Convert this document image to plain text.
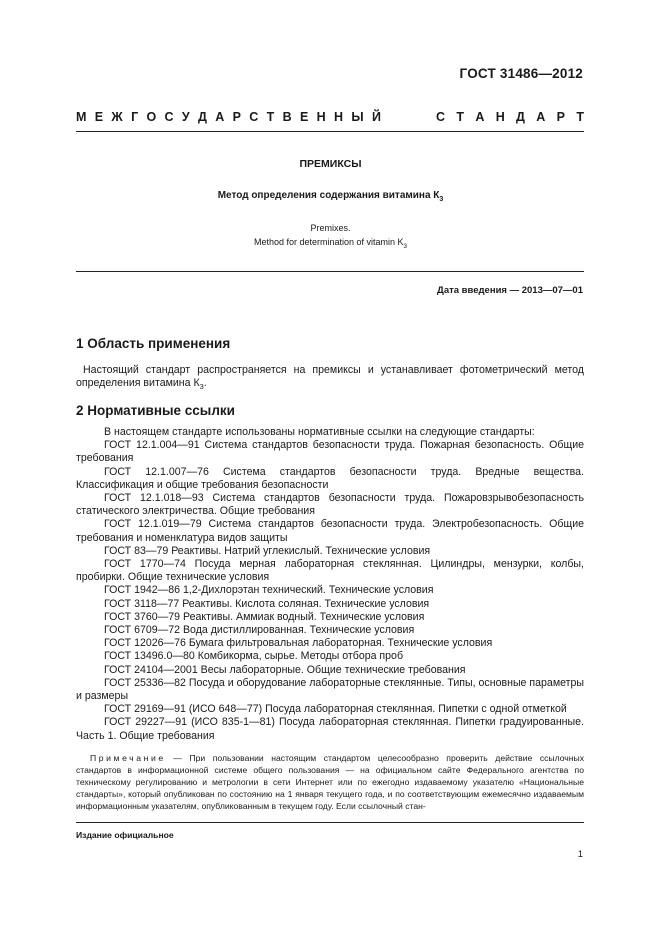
ГОСТ 31486—2012
М Е Ж Г О С У Д А Р С Т В Е Н Н Ы Й	С Т А Н Д А Р Т
ПРЕМИКСЫ
Метод определения содержания витамина $К_3$
Premixes.
Method for determination of vitamin $K_3$
Дата введения — 2013—07—01
1 Область применения
Настоящий стандарт распространяется на премиксы и устанавливает фотометрический метод определения витамина $К_3$.
2 Нормативные ссылки

В настоящем стандарте использованы нормативные ссылки на следующие стандарты:

ГОСТ 12.1.004—91 Система стандартов безопасности труда. Пожарная безопасность. Общие требования

ГОСТ 12.1.007—76 Система стандартов безопасности труда. Вредные вещества. Классификация и общие требования безопасности

ГОСТ 12.1.018—93 Система стандартов безопасности труда. Пожаровзрывобезопасность статического электричества. Общие требования

ГОСТ 12.1.019—79 Система стандартов безопасности труда. Электробезопасность. Общие требования и номенклатура видов защиты

ГОСТ 83—79 Реактивы. Натрий углекислый. Технические условия

ГОСТ 1770—74 Посуда мерная лабораторная стеклянная. Цилиндры, мензурки, колбы, пробирки. Общие технические условия

ГОСТ 1942—86 1,2-Дихлорэтан технический. Технические условия

ГОСТ 3118—77 Реактивы. Кислота соляная. Технические условия

ГОСТ 3760—79 Реактивы. Аммиак водный. Технические условия

ГОСТ 6709—72 Вода дистиллированная. Технические условия

ГОСТ 12026—76 Бумага фильтровальная лабораторная. Технические условия

ГОСТ 13496.0—80 Комбикорма, сырье. Методы отбора проб

ГОСТ 24104—2001 Весы лабораторные. Общие технические требования

ГОСТ 25336—82 Посуда и оборудование лабораторные стеклянные. Типы, основные параметры и размеры

ГОСТ 29169—91 (ИСО 648—77) Посуда лабораторная стеклянная. Пипетки с одной отметкой

ГОСТ 29227—91 (ИСО 835-1—81) Посуда лабораторная стеклянная. Пипетки градуированные. Часть 1. Общие требования

Примечание — При пользовании настоящим стандартом целесообразно проверить действие ссылочных стандартов в информационной системе общего пользования — на официальном сайте Федерального агентства по техническому регулированию и метрологии в сети Интернет или по ежегодно издаваемому указателю «Национальные стандарты», который опубликован по состоянию на 1 января текущего года, и по соответствующим ежемесячно издаваемым информационным указателям, опубликованным в текущем году. Если ссылочный стан-
Издание официальное
1
